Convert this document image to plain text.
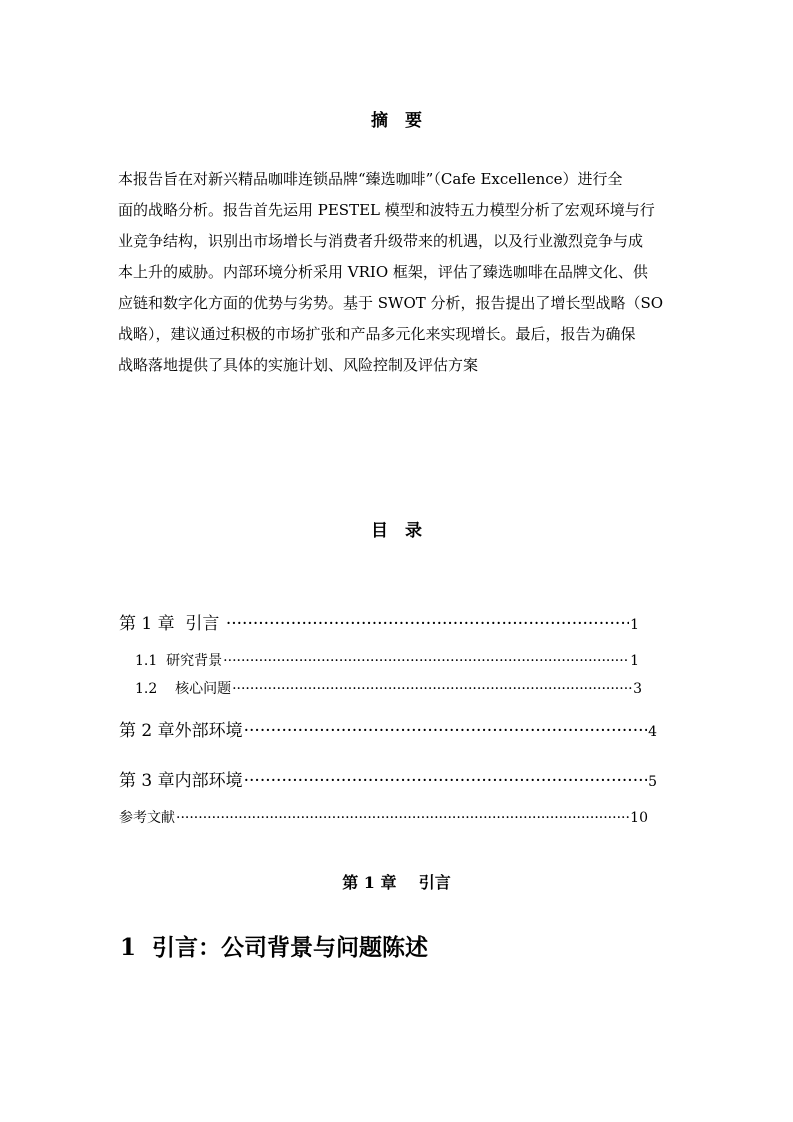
摘 要

本报告旨在对新兴精品咖啡连锁品牌“臻选咖啡”（Cafe Excellence）进行全

面的战略分析。报告首先运用 PESTEL 模型和波特五力模型分析了宏观环境与行

业竞争结构，识别出市场增长与消费者升级带来的机遇，以及行业激烈竞争与成

本上升的威胁。内部环境分析采用 VRIO 框架，评估了臻选咖啡在品牌文化、供

应链和数字化方面的优势与劣势。基于 SWOT 分析，报告提出了增长型战略（SO

战略），建议通过积极的市场扩张和产品多元化来实现增长。最后，报告为确保

战略落地提供了具体的实施计划、风险控制及评估方案

目 录
第 1 章  引言 ·····	1
1.1  研究背景 ·····	1
1.2    核心问题 ·····	3
第 2 章外部环境 ·····	4
第 3 章内部环境 ·····	5
参考文献 ·····	10
第 1 章    引言
1  引言：公司背景与问题陈述
